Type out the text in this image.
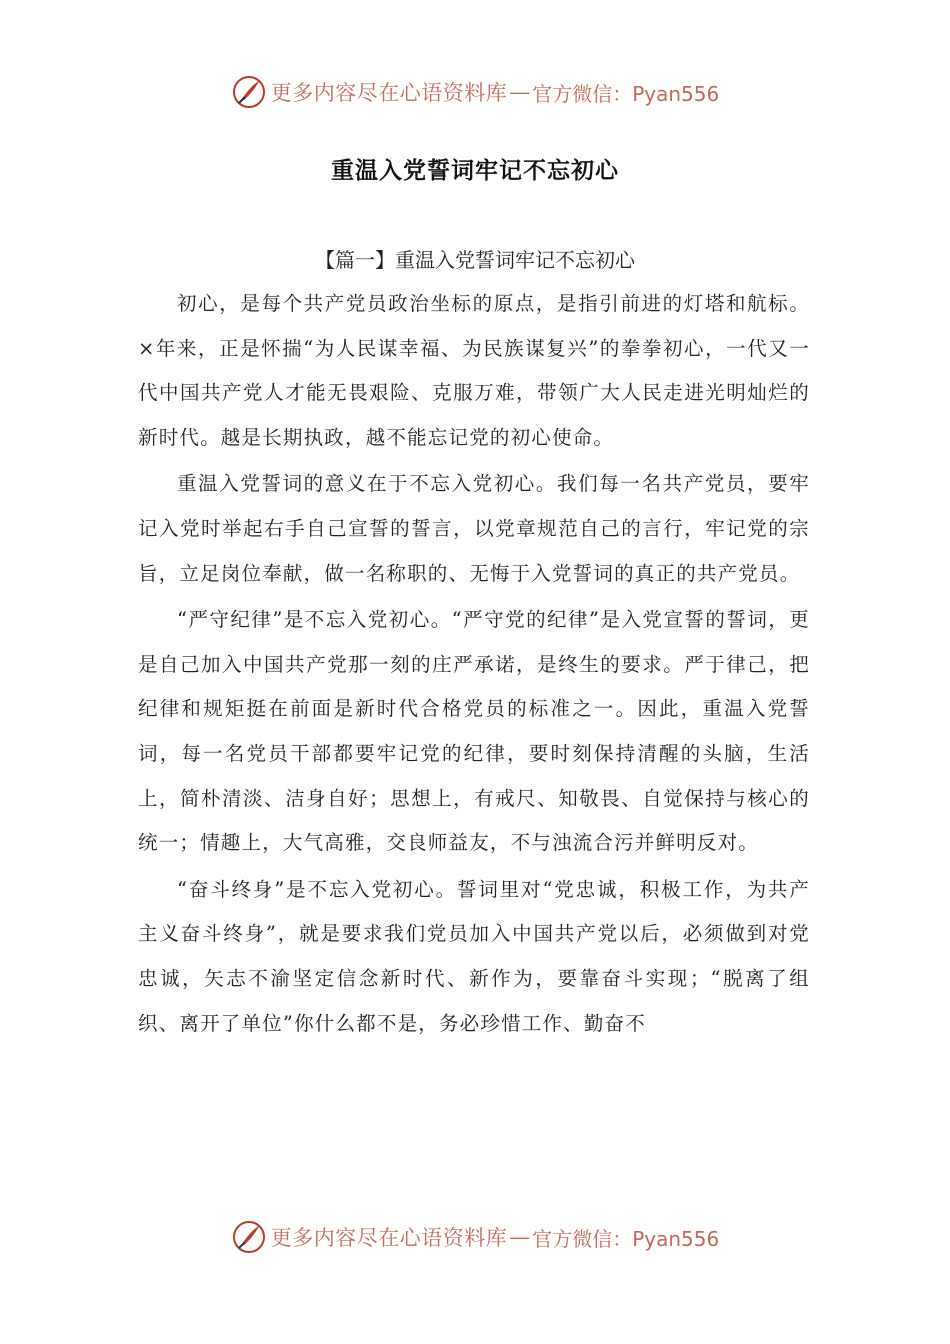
更多内容尽在心语资料库 — 官方微信：Pyan556
重温入党誓词牢记不忘初心
【篇一】重温入党誓词牢记不忘初心

初心，是每个共产党员政治坐标的原点，是指引前进的灯塔和航标。×年来，正是怀揣“为人民谋幸福、为民族谋复兴”的拳拳初心，一代又一代中国共产党人才能无畏艰险、克服万难，带领广大人民走进光明灿烂的新时代。越是长期执政，越不能忘记党的初心使命。

重温入党誓词的意义在于不忘入党初心。我们每一名共产党员，要牢记入党时举起右手自己宣誓的誓言，以党章规范自己的言行，牢记党的宗旨，立足岗位奉献，做一名称职的、无悔于入党誓词的真正的共产党员。

“严守纪律”是不忘入党初心。“严守党的纪律”是入党宣誓的誓词，更是自己加入中国共产党那一刻的庄严承诺，是终生的要求。严于律己，把纪律和规矩挺在前面是新时代合格党员的标准之一。因此，重温入党誓词，每一名党员干部都要牢记党的纪律，要时刻保持清醒的头脑，生活上，简朴清淡、洁身自好；思想上，有戒尺、知敬畏、自觉保持与核心的统一；情趣上，大气高雅，交良师益友，不与浊流合污并鲜明反对。

“奋斗终身”是不忘入党初心。誓词里对“党忠诚，积极工作，为共产主义奋斗终身”，就是要求我们党员加入中国共产党以后，必须做到对党忠诚，矢志不渝坚定信念新时代、新作为，要靠奋斗实现；“脱离了组织、离开了单位”你什么都不是，务必珍惜工作、勤奋不

更多内容尽在心语资料库 — 官方微信：Pyan556
